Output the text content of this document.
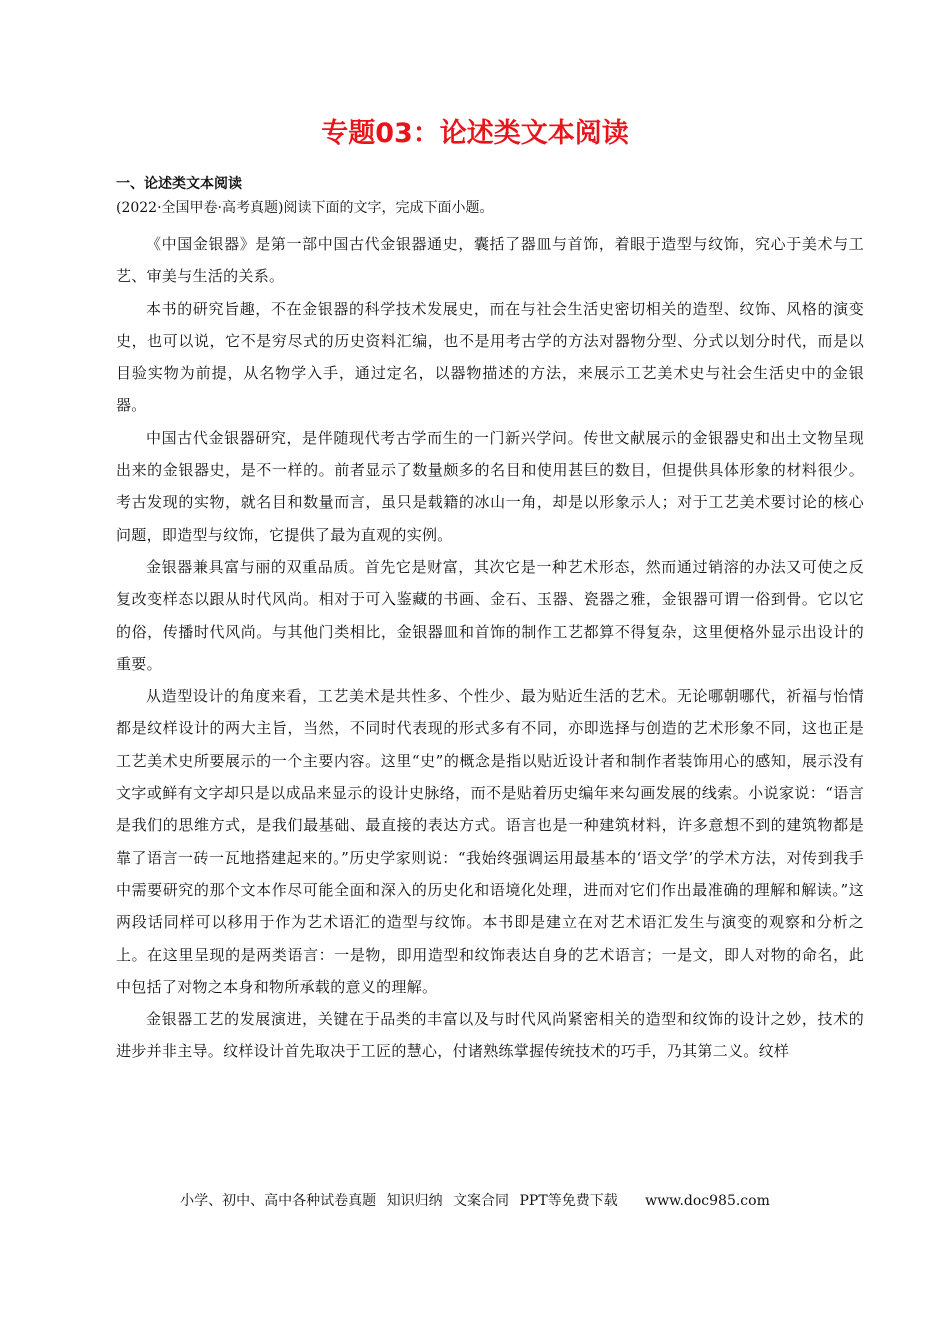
专题03：论述类文本阅读
一、论述类文本阅读
(2022·全国甲卷·高考真题)阅读下面的文字，完成下面小题。

《中国金银器》是第一部中国古代金银器通史，囊括了器皿与首饰，着眼于造型与纹饰，究心于美术与工艺、审美与生活的关系。

本书的研究旨趣，不在金银器的科学技术发展史，而在与社会生活史密切相关的造型、纹饰、风格的演变史，也可以说，它不是穷尽式的历史资料汇编，也不是用考古学的方法对器物分型、分式以划分时代，而是以目验实物为前提，从名物学入手，通过定名，以器物描述的方法，来展示工艺美术史与社会生活史中的金银器。

中国古代金银器研究，是伴随现代考古学而生的一门新兴学问。传世文献展示的金银器史和出土文物呈现出来的金银器史，是不一样的。前者显示了数量颇多的名目和使用甚巨的数目，但提供具体形象的材料很少。考古发现的实物，就名目和数量而言，虽只是载籍的冰山一角，却是以形象示人；对于工艺美术要讨论的核心问题，即造型与纹饰，它提供了最为直观的实例。

金银器兼具富与丽的双重品质。首先它是财富，其次它是一种艺术形态，然而通过销溶的办法又可使之反复改变样态以跟从时代风尚。相对于可入鉴藏的书画、金石、玉器、瓷器之雅，金银器可谓一俗到骨。它以它的俗，传播时代风尚。与其他门类相比，金银器皿和首饰的制作工艺都算不得复杂，这里便格外显示出设计的重要。

从造型设计的角度来看，工艺美术是共性多、个性少、最为贴近生活的艺术。无论哪朝哪代，祈福与怡情都是纹样设计的两大主旨，当然，不同时代表现的形式多有不同，亦即选择与创造的艺术形象不同，这也正是工艺美术史所要展示的一个主要内容。这里“史”的概念是指以贴近设计者和制作者装饰用心的感知，展示没有文字或鲜有文字却只是以成品来显示的设计史脉络，而不是贴着历史编年来勾画发展的线索。小说家说：“语言是我们的思维方式，是我们最基础、最直接的表达方式。语言也是一种建筑材料，许多意想不到的建筑物都是靠了语言一砖一瓦地搭建起来的。”历史学家则说：“我始终强调运用最基本的‘语文学’的学术方法，对传到我手中需要研究的那个文本作尽可能全面和深入的历史化和语境化处理，进而对它们作出最准确的理解和解读。”这两段话同样可以移用于作为艺术语汇的造型与纹饰。本书即是建立在对艺术语汇发生与演变的观察和分析之上。在这里呈现的是两类语言：一是物，即用造型和纹饰表达自身的艺术语言；一是文，即人对物的命名，此中包括了对物之本身和物所承载的意义的理解。

金银器工艺的发展演进，关键在于品类的丰富以及与时代风尚紧密相关的造型和纹饰的设计之妙，技术的进步并非主导。纹样设计首先取决于工匠的慧心，付诸熟练掌握传统技术的巧手，乃其第二义。纹样

小学、初中、高中各种试卷真题 知识归纳 文案合同 PPT等免费下载 www.doc985.com
